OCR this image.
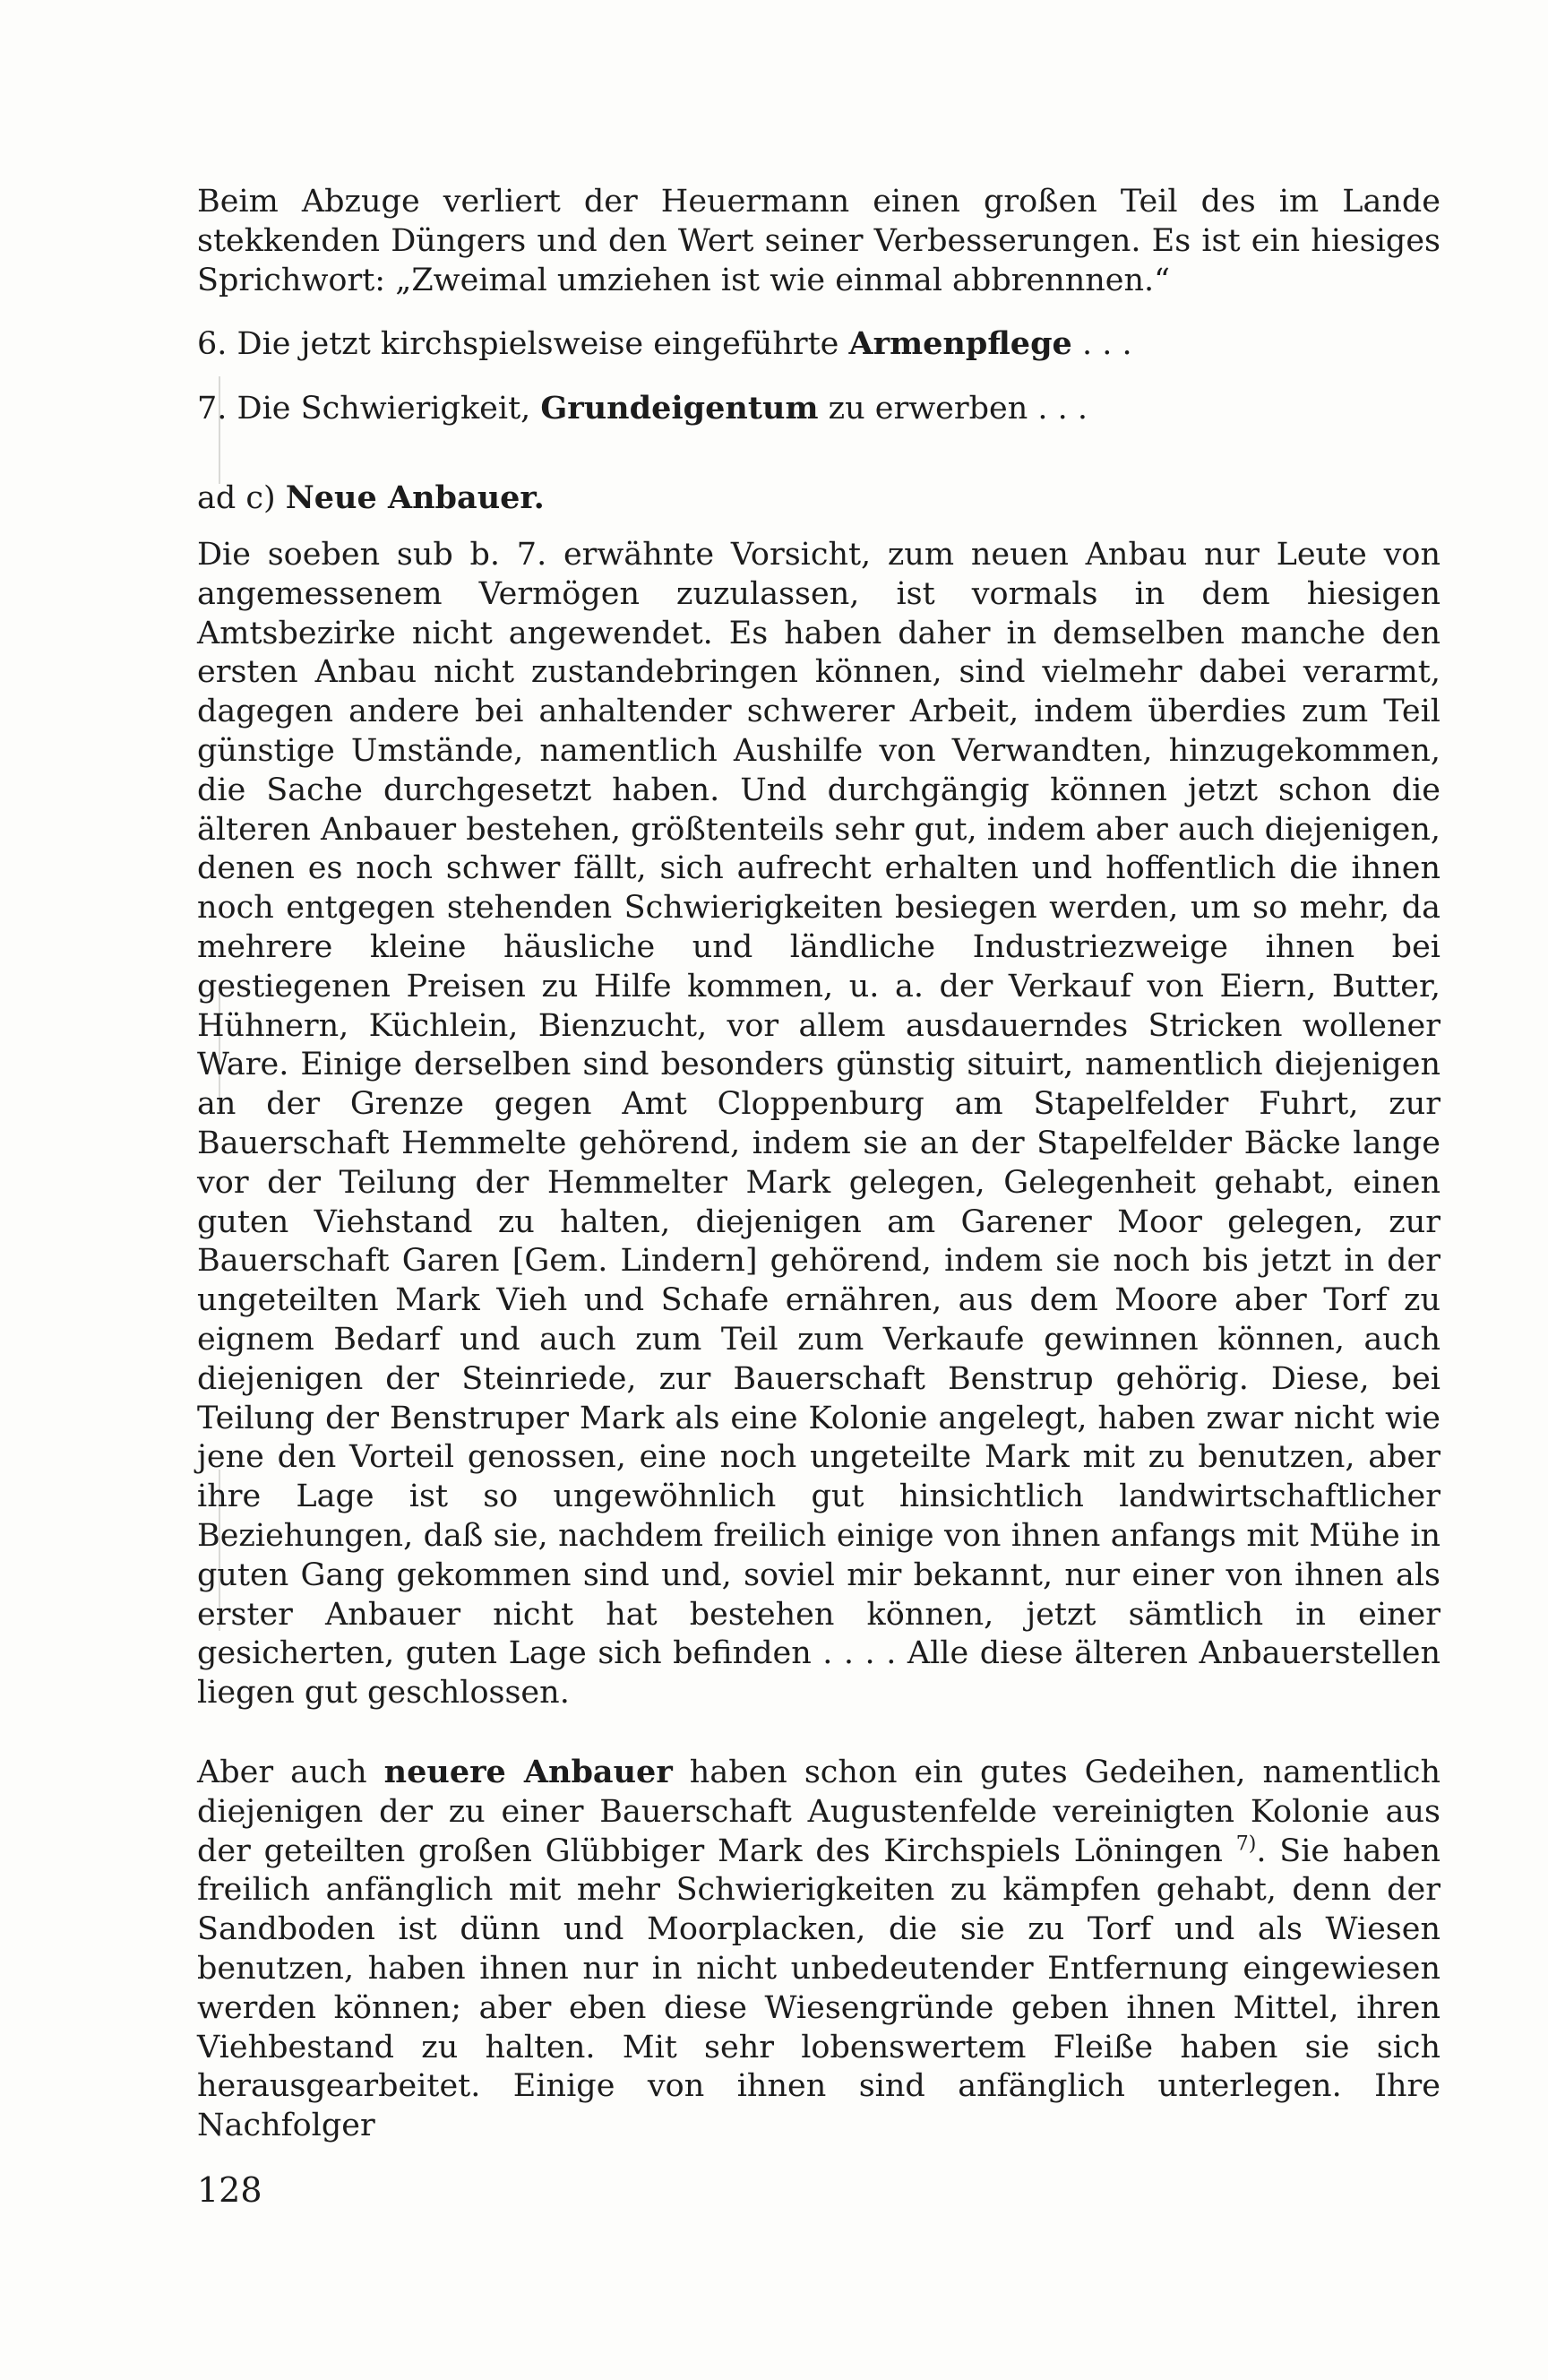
Beim Abzuge verliert der Heuermann einen großen Teil des im Lande stekkenden Düngers und den Wert seiner Verbesserungen. Es ist ein hiesiges Sprichwort: „Zweimal umziehen ist wie einmal abbrennnen.“

6. Die jetzt kirchspielsweise eingeführte Armenpflege . . .

7. Die Schwierigkeit, Grundeigentum zu erwerben . . .

ad c) Neue Anbauer.

Die soeben sub b. 7. erwähnte Vorsicht, zum neuen Anbau nur Leute von angemessenem Vermögen zuzulassen, ist vormals in dem hiesigen Amtsbezirke nicht angewendet. Es haben daher in demselben manche den ersten Anbau nicht zustandebringen können, sind vielmehr dabei verarmt, dagegen andere bei anhaltender schwerer Arbeit, indem überdies zum Teil günstige Umstände, namentlich Aushilfe von Verwandten, hinzugekommen, die Sache durchgesetzt haben. Und durchgängig können jetzt schon die älteren Anbauer bestehen, größtenteils sehr gut, indem aber auch diejenigen, denen es noch schwer fällt, sich aufrecht erhalten und hoffentlich die ihnen noch entgegen stehenden Schwierigkeiten besiegen werden, um so mehr, da mehrere kleine häusliche und ländliche Industriezweige ihnen bei gestiegenen Preisen zu Hilfe kommen, u. a. der Verkauf von Eiern, Butter, Hühnern, Küchlein, Bienzucht, vor allem ausdauerndes Stricken wollener Ware. Einige derselben sind besonders günstig situirt, namentlich diejenigen an der Grenze gegen Amt Cloppenburg am Stapelfelder Fuhrt, zur Bauerschaft Hemmelte gehörend, indem sie an der Stapelfelder Bäcke lange vor der Teilung der Hemmelter Mark gelegen, Gelegenheit gehabt, einen guten Viehstand zu halten, diejenigen am Garener Moor gelegen, zur Bauerschaft Garen [Gem. Lindern] gehörend, indem sie noch bis jetzt in der ungeteilten Mark Vieh und Schafe ernähren, aus dem Moore aber Torf zu eignem Bedarf und auch zum Teil zum Verkaufe gewinnen können, auch diejenigen der Steinriede, zur Bauerschaft Benstrup gehörig. Diese, bei Teilung der Benstruper Mark als eine Kolonie angelegt, haben zwar nicht wie jene den Vorteil genossen, eine noch ungeteilte Mark mit zu benutzen, aber ihre Lage ist so ungewöhnlich gut hinsichtlich landwirtschaftlicher Beziehungen, daß sie, nachdem freilich einige von ihnen anfangs mit Mühe in guten Gang gekommen sind und, soviel mir bekannt, nur einer von ihnen als erster Anbauer nicht hat bestehen können, jetzt sämtlich in einer gesicherten, guten Lage sich befinden . . . . Alle diese älteren Anbauerstellen liegen gut geschlossen.

Aber auch neuere Anbauer haben schon ein gutes Gedeihen, namentlich diejenigen der zu einer Bauerschaft Augustenfelde vereinigten Kolonie aus der geteilten großen Glübbiger Mark des Kirchspiels Löningen $^{7)}$. Sie haben freilich anfänglich mit mehr Schwierigkeiten zu kämpfen gehabt, denn der Sandboden ist dünn und Moorplacken, die sie zu Torf und als Wiesen benutzen, haben ihnen nur in nicht unbedeutender Entfernung eingewiesen werden können; aber eben diese Wiesengründe geben ihnen Mittel, ihren Viehbestand zu halten. Mit sehr lobenswertem Fleiße haben sie sich herausgearbeitet. Einige von ihnen sind anfänglich unterlegen. Ihre Nachfolger

128
